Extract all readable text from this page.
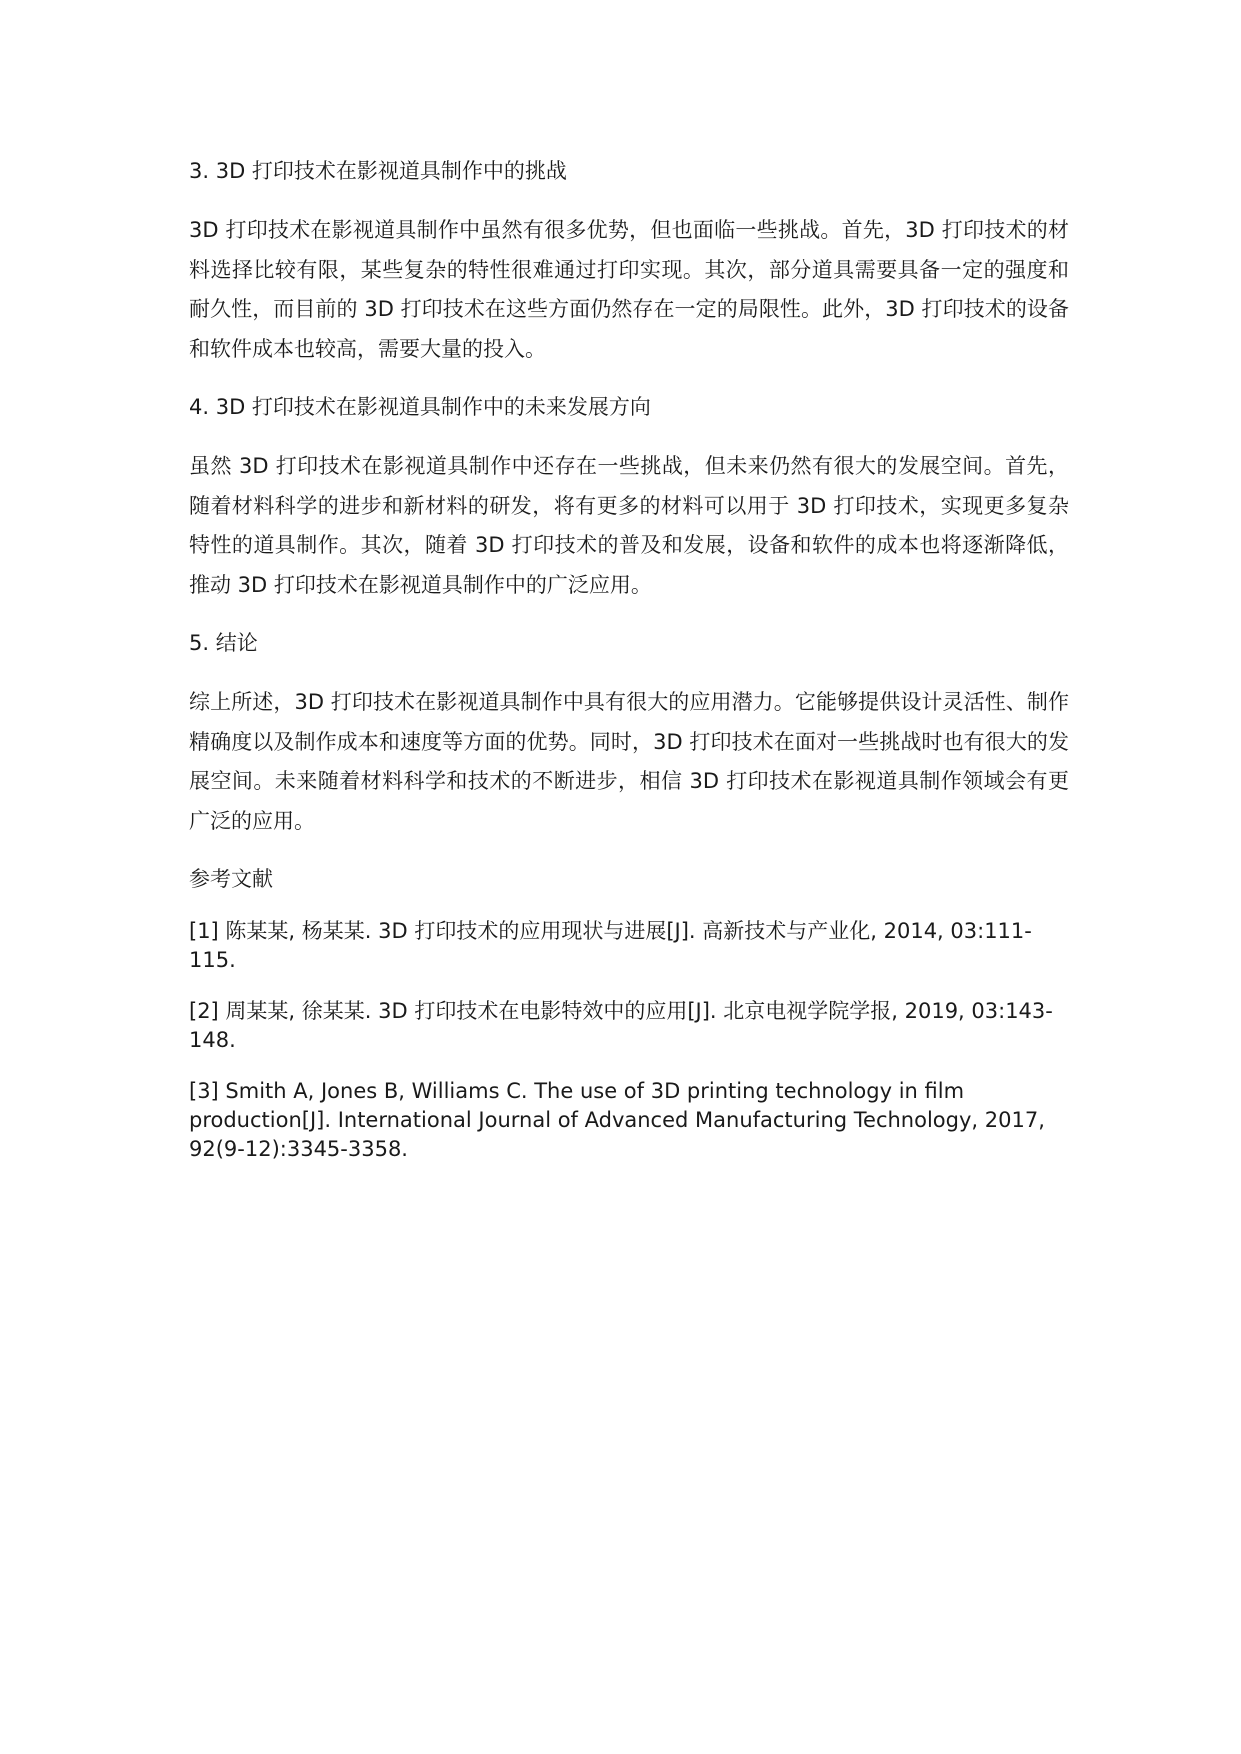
3. 3D 打印技术在影视道具制作中的挑战
3D 打印技术在影视道具制作中虽然有很多优势，但也面临一些挑战。首先，3D 打印技术的材料选择比较有限，某些复杂的特性很难通过打印实现。其次，部分道具需要具备一定的强度和耐久性，而目前的 3D 打印技术在这些方面仍然存在一定的局限性。此外，3D 打印技术的设备和软件成本也较高，需要大量的投入。
4. 3D 打印技术在影视道具制作中的未来发展方向
虽然 3D 打印技术在影视道具制作中还存在一些挑战，但未来仍然有很大的发展空间。首先，随着材料科学的进步和新材料的研发，将有更多的材料可以用于 3D 打印技术，实现更多复杂特性的道具制作。其次，随着 3D 打印技术的普及和发展，设备和软件的成本也将逐渐降低，推动 3D 打印技术在影视道具制作中的广泛应用。
5. 结论
综上所述，3D 打印技术在影视道具制作中具有很大的应用潜力。它能够提供设计灵活性、制作精确度以及制作成本和速度等方面的优势。同时，3D 打印技术在面对一些挑战时也有很大的发展空间。未来随着材料科学和技术的不断进步，相信 3D 打印技术在影视道具制作领域会有更广泛的应用。
参考文献
[1] 陈某某, 杨某某. 3D 打印技术的应用现状与进展[J]. 高新技术与产业化, 2014, 03:111-115.
[2] 周某某, 徐某某. 3D 打印技术在电影特效中的应用[J]. 北京电视学院学报, 2019, 03:143-148.
[3] Smith A, Jones B, Williams C. The use of 3D printing technology in film production[J]. International Journal of Advanced Manufacturing Technology, 2017, 92(9-12):3345-3358.
